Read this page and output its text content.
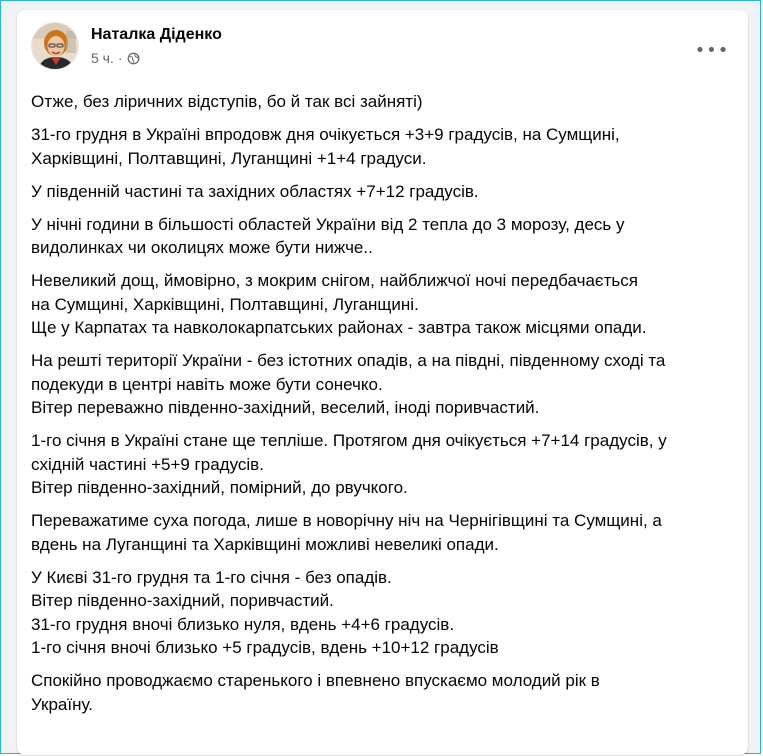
Наталка Діденко
5 ч. ·	•••
Отже, без ліричних відступів, бо й так всі зайняті)
31-го грудня в Україні впродовж дня очікується +3+9 градусів, на Сумщині,
Харківщині, Полтавщині, Луганщині +1+4 градуси.
У південній частині та західних областях +7+12 градусів.
У нічні години в більшості областей України від 2 тепла до 3 морозу, десь у
видолинках чи околицях може бути нижче..
Невеликий дощ, ймовірно, з мокрим снігом, найближчої ночі передбачається
на Сумщині, Харківщині, Полтавщині, Луганщині.
Ще у Карпатах та навколокарпатських районах - завтра також місцями опади.
На решті території України - без істотних опадів, а на півдні, південному сході та
подекуди в центрі навіть може бути сонечко.
Вітер переважно південно-західний, веселий, іноді поривчастий.
1-го січня в Україні стане ще тепліше. Протягом дня очікується +7+14 градусів, у
східній частині +5+9 градусів.
Вітер південно-західний, помірний, до рвучкого.
Переважатиме суха погода, лише в новорічну ніч на Чернігівщині та Сумщині, а
вдень на Луганщині та Харківщині можливі невеликі опади.
У Києві 31-го грудня та 1-го січня - без опадів.
Вітер південно-західний, поривчастий.
31-го грудня вночі близько нуля, вдень +4+6 градусів.
1-го січня вночі близько +5 градусів, вдень +10+12 градусів
Спокійно проводжаємо старенького і впевнено впускаємо молодий рік в
Україну.
